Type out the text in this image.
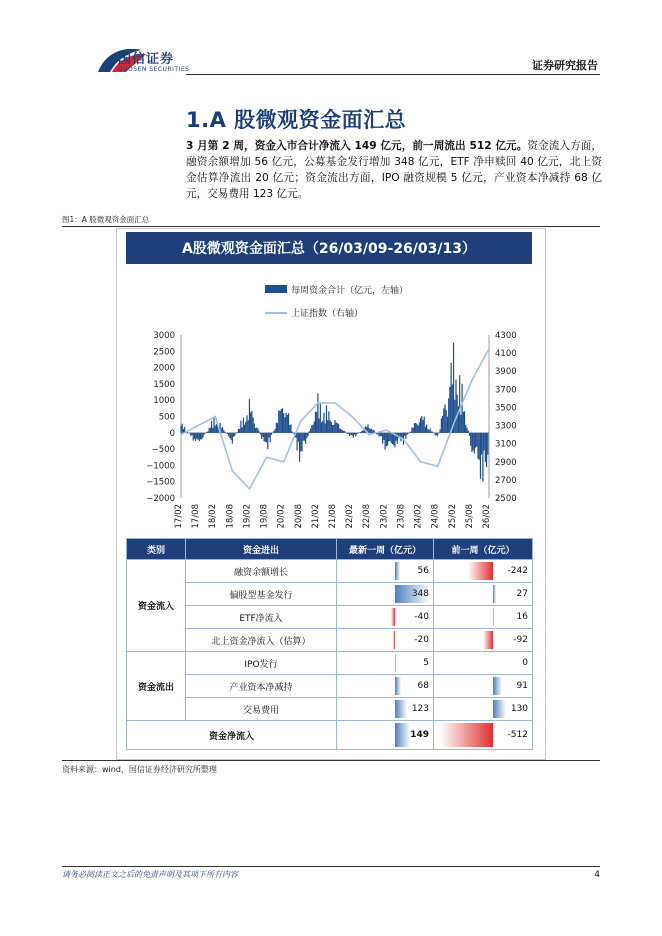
国信证券
GUOSEN SECURITIES	证券研究报告
1.A 股微观资金面汇总
3 月第 2 周，资金入市合计净流入 149 亿元，前一周流出 512 亿元。资金流入方面，融资余额增加 56 亿元，公募基金发行增加 348 亿元，ETF 净申赎回 40 亿元，北上资金估算净流出 20 亿元；资金流出方面，IPO 融资规模 5 亿元，产业资本净减持 68 亿元，交易费用 123 亿元。
图1：A 股微观资金面汇总
A股微观资金面汇总（26/03/09-26/03/13）
每周资金合计（亿元，左轴）
上证指数（右轴）
3000
2500
2000
1500
1000
500
0
−500
−1000
−1500
−2000
4300
4100
3900
3700
3500
3300
3100
2900
2700
2500
17/02 17/08 18/02 18/08 19/02 19/08 20/02 20/08 21/02 21/08 22/02 22/08 23/02 23/08 24/02 24/08 25/02 25/08 26/02
类别	资金进出	最新一周（亿元）	前一周（亿元）
资金流入	融资余额增长	56	-242
	偏股型基金发行	348	27
	ETF净流入	-40	16
	北上资金净流入（估算）	-20	-92
资金流出	IPO发行	5	0
	产业资本净减持	68	91
	交易费用	123	130
资金净流入		149	-512
资料来源：wind，国信证券经济研究所整理
请务必阅读正文之后的免责声明及其项下所有内容	4
